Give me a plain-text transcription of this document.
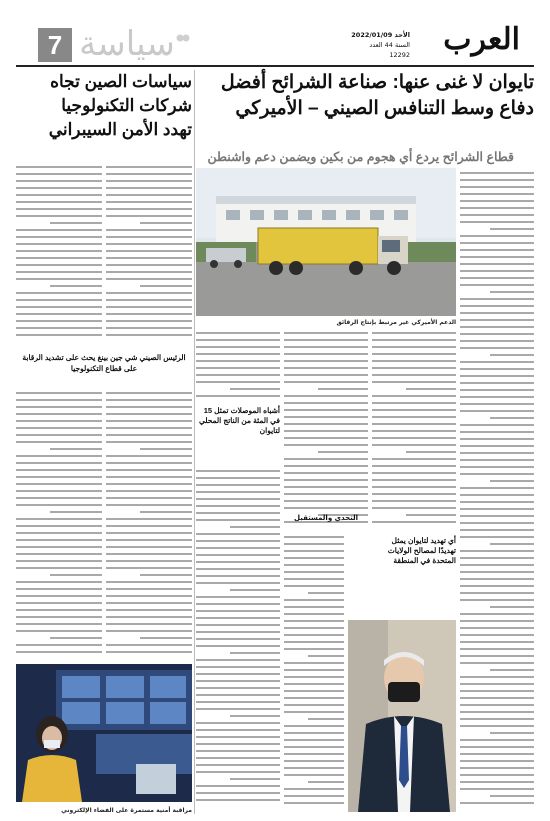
7 سياسة	الأحد 2022/01/09
السنة 44 العدد 12292	العرب
تايوان لا غنى عنها: صناعة الشرائح أفضل
دفاع وسط التنافس الصيني – الأميركي
قطاع الشرائح يردع أي هجوم من بكين ويضمن دعم واشنطن
الدعم الأميركي غير مرتبط بإنتاج الرقائق
أشباه الموصلات تمثل 15 في المئة من الناتج المحلي لتايوان
أي تهديد لتايوان يمثل تهديدًا لمصالح الولايات المتحدة في المنطقة
التحدي والمستقبل
سياسات الصين تجاه
شركات التكنولوجيا
تهدد الأمن السيبراني
الرئيس الصيني شي جين بينغ يحث على تشديد الرقابة على قطاع التكنولوجيا
مراقبة أمنية مستمرة على الفضاء الإلكتروني
